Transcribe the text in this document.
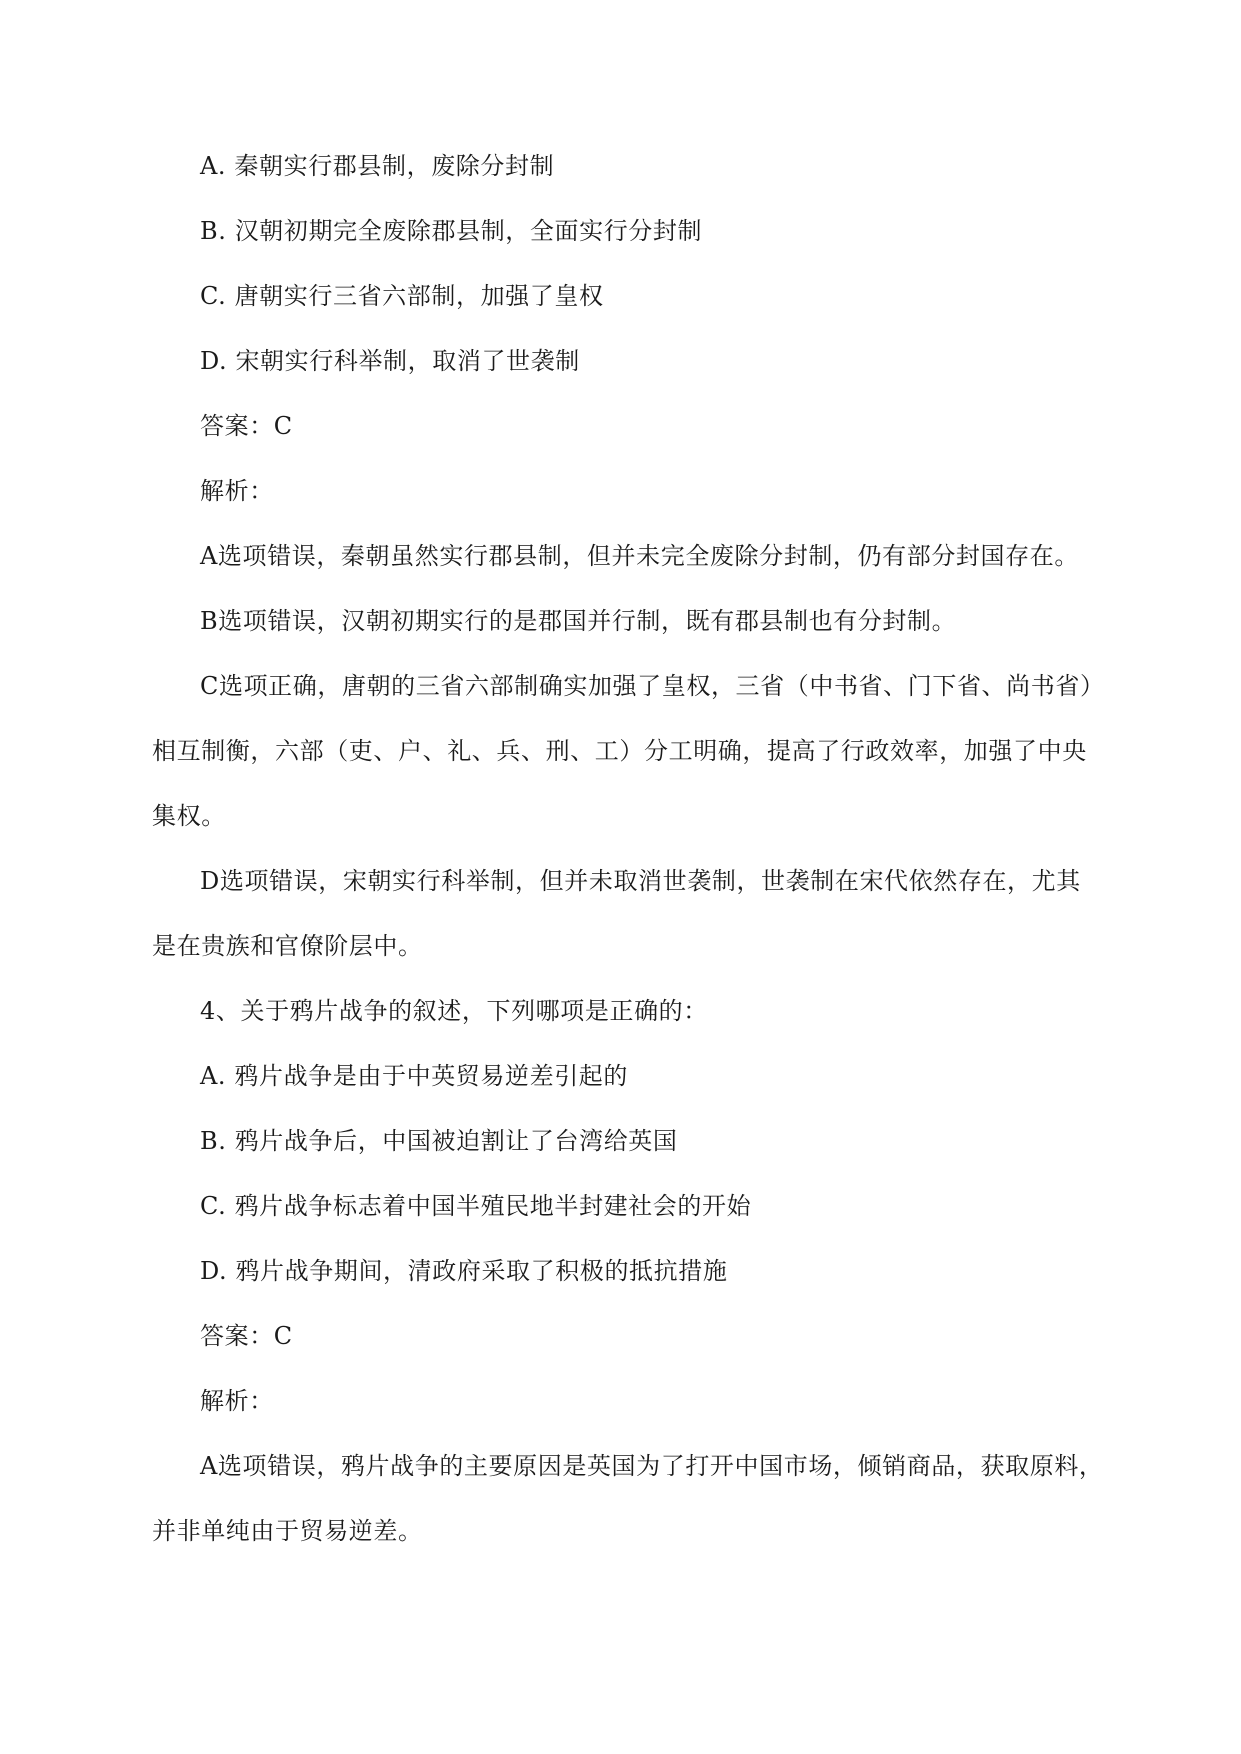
A. 秦朝实行郡县制，废除分封制
B. 汉朝初期完全废除郡县制，全面实行分封制
C. 唐朝实行三省六部制，加强了皇权
D. 宋朝实行科举制，取消了世袭制
答案：C
解析：
A选项错误，秦朝虽然实行郡县制，但并未完全废除分封制，仍有部分封国存在。
B选项错误，汉朝初期实行的是郡国并行制，既有郡县制也有分封制。
C选项正确，唐朝的三省六部制确实加强了皇权，三省（中书省、门下省、尚书省）
相互制衡，六部（吏、户、礼、兵、刑、工）分工明确，提高了行政效率，加强了中央
集权。
D选项错误，宋朝实行科举制，但并未取消世袭制，世袭制在宋代依然存在，尤其
是在贵族和官僚阶层中。
4、关于鸦片战争的叙述，下列哪项是正确的：
A. 鸦片战争是由于中英贸易逆差引起的
B. 鸦片战争后，中国被迫割让了台湾给英国
C. 鸦片战争标志着中国半殖民地半封建社会的开始
D. 鸦片战争期间，清政府采取了积极的抵抗措施
答案：C
解析：
A选项错误，鸦片战争的主要原因是英国为了打开中国市场，倾销商品，获取原料，
并非单纯由于贸易逆差。
